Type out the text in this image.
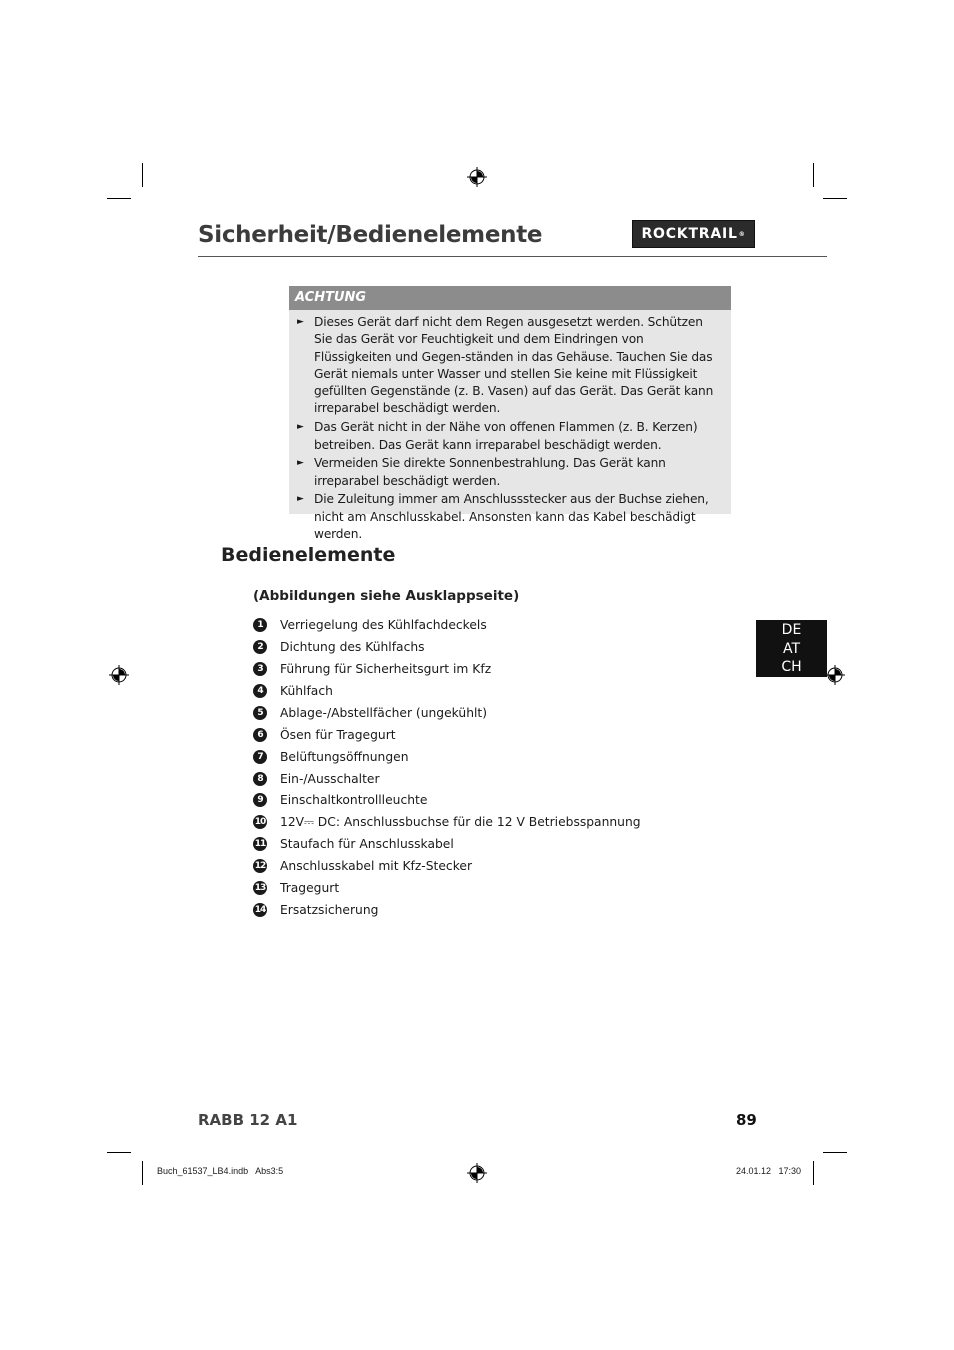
Sicherheit/Bedienelemente	ROCKTRAIL ®
ACHTUNG
► Dieses Gerät darf nicht dem Regen ausgesetzt werden. Schützen Sie das Gerät vor Feuchtigkeit und dem Eindringen von Flüssigkeiten und Gegen-ständen in das Gehäuse. Tauchen Sie das Gerät niemals unter Wasser und stellen Sie keine mit Flüssigkeit gefüllten Gegenstände (z. B. Vasen) auf das Gerät. Das Gerät kann irreparabel beschädigt werden.
► Das Gerät nicht in der Nähe von offenen Flammen (z. B. Kerzen) betreiben. Das Gerät kann irreparabel beschädigt werden.
► Vermeiden Sie direkte Sonnenbestrahlung. Das Gerät kann irreparabel beschädigt werden.
► Die Zuleitung immer am Anschlussstecker aus der Buchse ziehen, nicht am Anschlusskabel. Ansonsten kann das Kabel beschädigt werden.
Bedienelemente
(Abbildungen siehe Ausklappseite)
1	Verriegelung des Kühlfachdeckels
2	Dichtung des Kühlfachs
3	Führung für Sicherheitsgurt im Kfz
4	Kühlfach
5	Ablage-/Abstellfächer (ungekühlt)
6	Ösen für Tragegurt
7	Belüftungsöffnungen
8	Ein-/Ausschalter
9	Einschaltkontrollleuchte
10 12V⎓ DC: Anschlussbuchse für die 12 V Betriebsspannung
11 Staufach für Anschlusskabel
12 Anschlusskabel mit Kfz-Stecker
13 Tragegurt
14 Ersatzsicherung
DE
AT
CH
RABB 12 A1	89
Buch_61537_LB4.indb   Abs3:5	24.01.12   17:30
